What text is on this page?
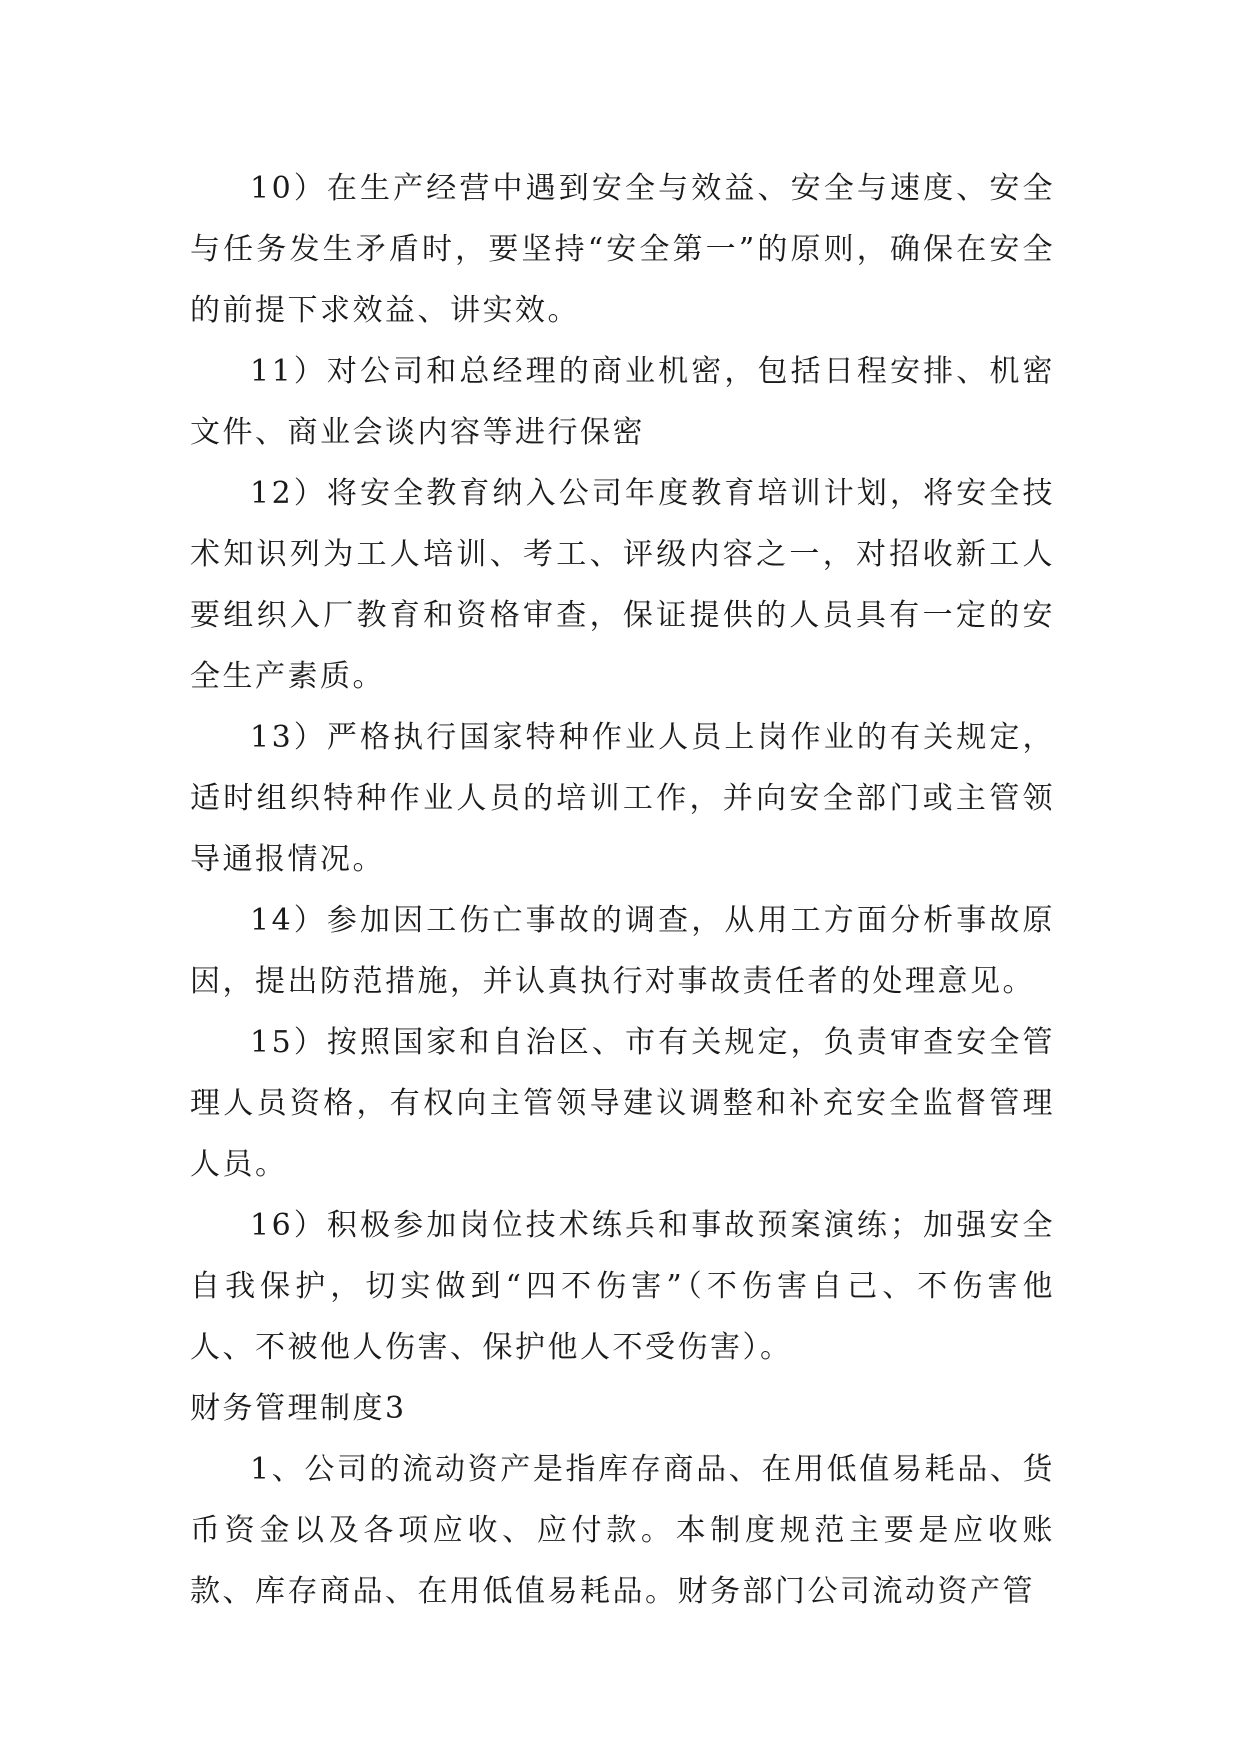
10）在生产经营中遇到安全与效益、安全与速度、安全与任务发生矛盾时，要坚持“安全第一”的原则，确保在安全的前提下求效益、讲实效。

11）对公司和总经理的商业机密，包括日程安排、机密文件、商业会谈内容等进行保密

12）将安全教育纳入公司年度教育培训计划，将安全技术知识列为工人培训、考工、评级内容之一，对招收新工人要组织入厂教育和资格审查，保证提供的人员具有一定的安全生产素质。

13）严格执行国家特种作业人员上岗作业的有关规定，适时组织特种作业人员的培训工作，并向安全部门或主管领导通报情况。

14）参加因工伤亡事故的调查，从用工方面分析事故原因，提出防范措施，并认真执行对事故责任者的处理意见。

15）按照国家和自治区、市有关规定，负责审查安全管理人员资格，有权向主管领导建议调整和补充安全监督管理人员。

16）积极参加岗位技术练兵和事故预案演练；加强安全自我保护，切实做到“四不伤害”（不伤害自己、不伤害他人、不被他人伤害、保护他人不受伤害）。

财务管理制度3

1、公司的流动资产是指库存商品、在用低值易耗品、货币资金以及各项应收、应付款。本制度规范主要是应收账款、库存商品、在用低值易耗品。财务部门公司流动资产管
